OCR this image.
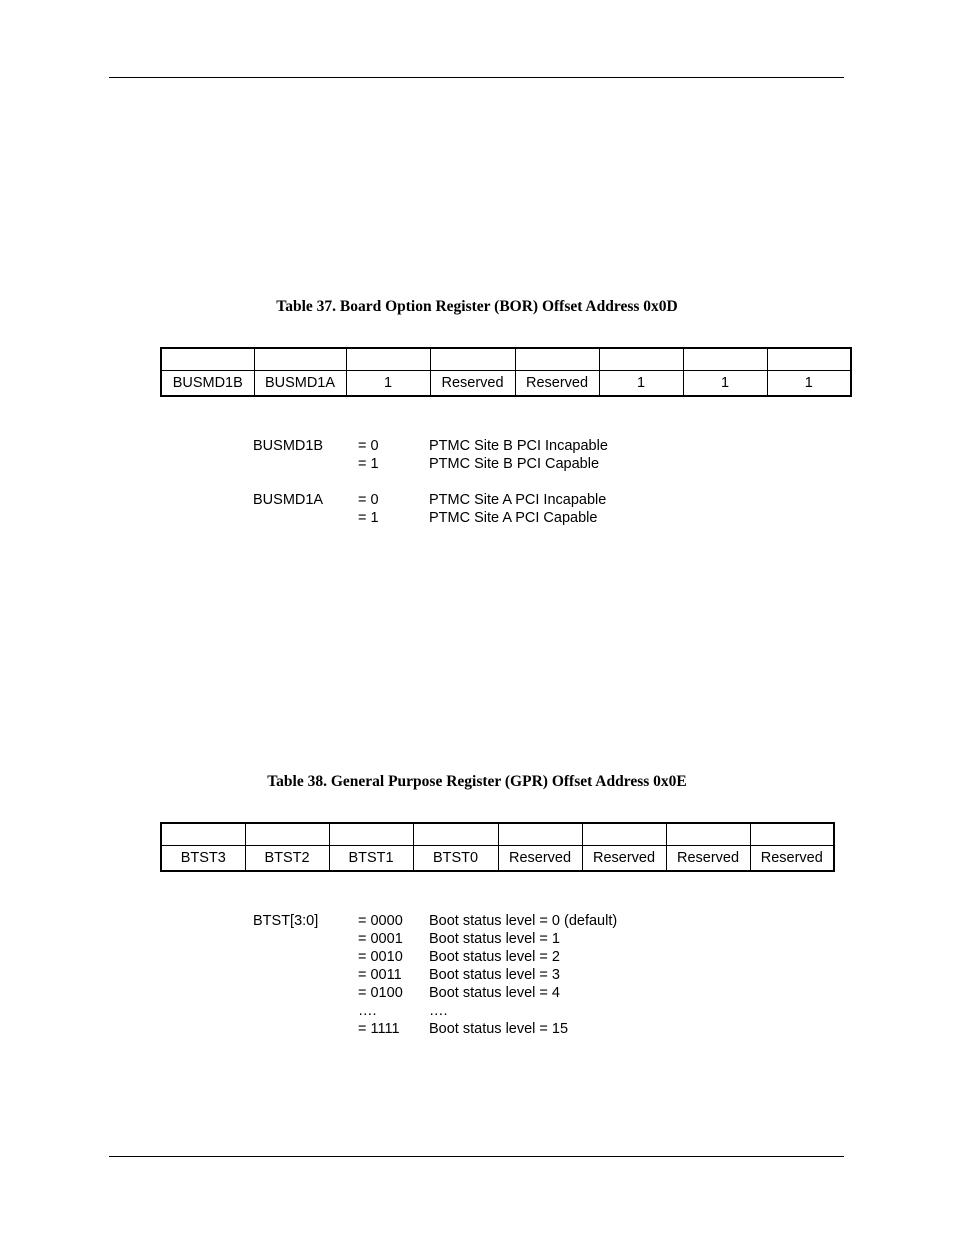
Table 37. Board Option Register (BOR) Offset Address 0x0D

BUSMD1B	BUSMD1A	1	Reserved	Reserved	1	1	1
BUSMD1B = 0	PTMC Site B PCI Incapable
= 1	PTMC Site B PCI Capable
BUSMD1A = 0	PTMC Site A PCI Incapable
= 1	PTMC Site A PCI Capable
Table 38. General Purpose Register (GPR) Offset Address 0x0E

BTST3	BTST2	BTST1	BTST0	Reserved	Reserved	Reserved	Reserved
BTST[3:0]	= 0000 Boot status level = 0 (default)
= 0001 Boot status level = 1
= 0010 Boot status level = 2
= 0011 Boot status level = 3
= 0100 Boot status level = 4
….	….
= 1111 Boot status level = 15
